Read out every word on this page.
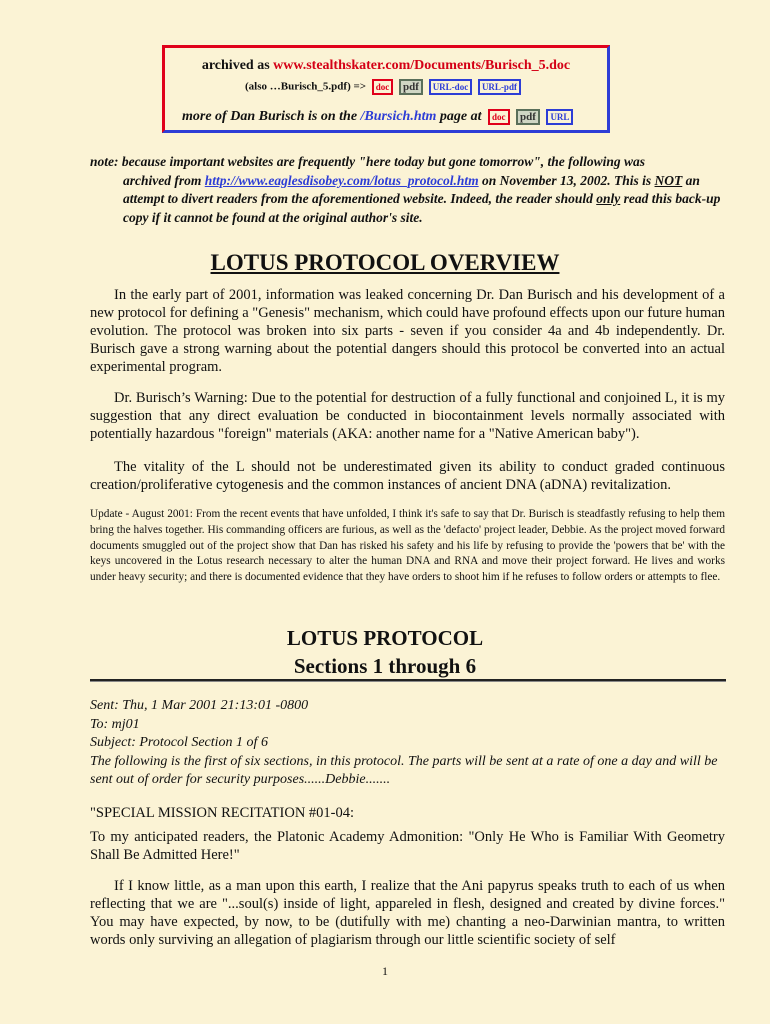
archived as www.stealthskater.com/Documents/Burisch_5.doc
(also …Burisch_5.pdf) => doc pdf URL-doc URL-pdf
more of Dan Burisch is on the /Bursich.htm page at doc pdf URL
note: because important websites are frequently "here today but gone tomorrow", the following was
archived from http://www.eaglesdisobey.com/lotus_protocol.htm on November 13, 2002. This is NOT an attempt to divert readers from the aforementioned website. Indeed, the reader should only read this back-up copy if it cannot be found at the original author's site.
LOTUS PROTOCOL OVERVIEW
In the early part of 2001, information was leaked concerning Dr. Dan Burisch and his development of a new protocol for defining a "Genesis" mechanism, which could have profound effects upon our future human evolution. The protocol was broken into six parts - seven if you consider 4a and 4b independently. Dr. Burisch gave a strong warning about the potential dangers should this protocol be converted into an actual experimental program.
Dr. Burisch’s Warning: Due to the potential for destruction of a fully functional and conjoined L, it is my suggestion that any direct evaluation be conducted in biocontainment levels normally associated with potentially hazardous "foreign" materials (AKA: another name for a "Native American baby").
The vitality of the L should not be underestimated given its ability to conduct graded continuous creation/proliferative cytogenesis and the common instances of ancient DNA (aDNA) revitalization.
Update - August 2001: From the recent events that have unfolded, I think it's safe to say that Dr. Burisch is steadfastly refusing to help them bring the halves together. His commanding officers are furious, as well as the 'defacto' project leader, Debbie. As the project moved forward documents smuggled out of the project show that Dan has risked his safety and his life by refusing to provide the 'powers that be' with the keys uncovered in the Lotus research necessary to alter the human DNA and RNA and move their project forward. He lives and works under heavy security; and there is documented evidence that they have orders to shoot him if he refuses to follow orders or attempts to flee.
LOTUS PROTOCOL
Sections 1 through 6
Sent: Thu, 1 Mar 2001 21:13:01 -0800
To: mj01
Subject: Protocol Section 1 of 6
The following is the first of six sections, in this protocol. The parts will be sent at a rate of one a day and will be sent out of order for security purposes......Debbie.......
"SPECIAL MISSION RECITATION #01-04:
To my anticipated readers, the Platonic Academy Admonition: "Only He Who is Familiar With Geometry Shall Be Admitted Here!"
If I know little, as a man upon this earth, I realize that the Ani papyrus speaks truth to each of us when reflecting that we are "...soul(s) inside of light, appareled in flesh, designed and created by divine forces." You may have expected, by now, to be (dutifully with me) chanting a neo-Darwinian mantra, to written words only surviving an allegation of plagiarism through our little scientific society of self
1
